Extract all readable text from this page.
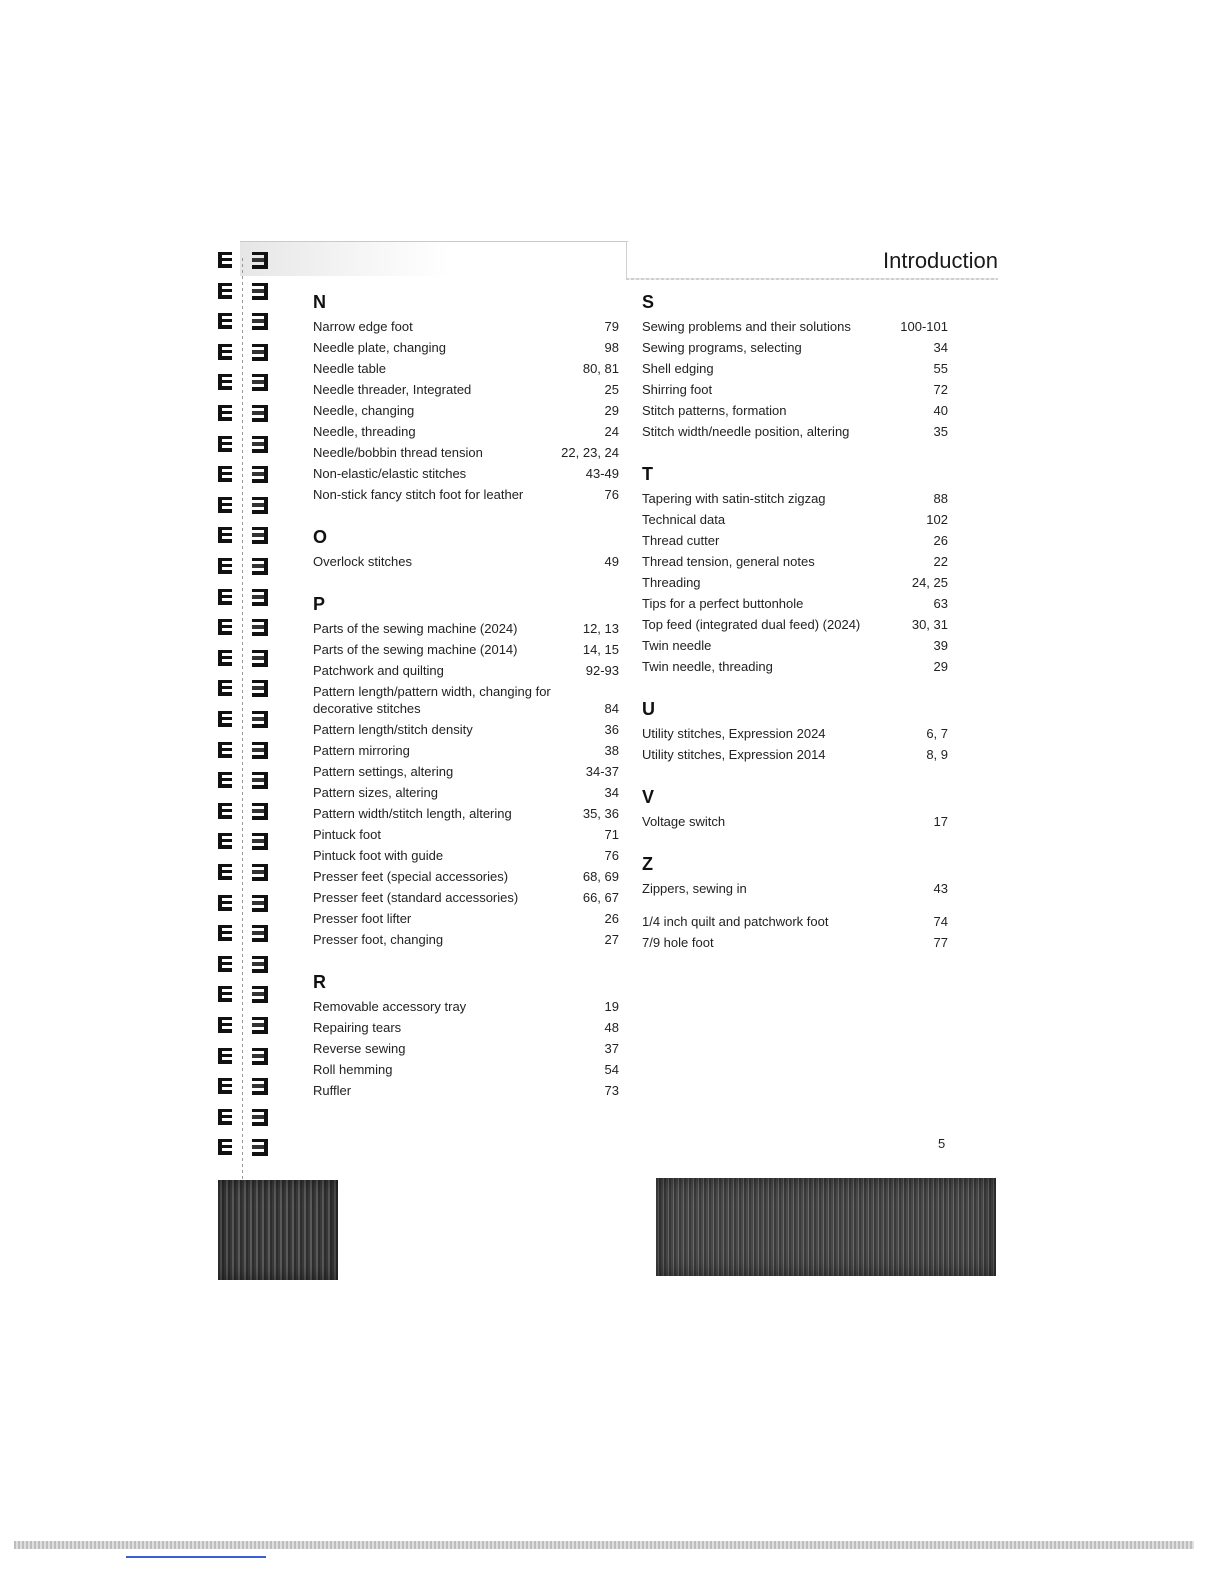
Introduction
N
Narrow edge foot	79
Needle plate, changing	98
Needle table	80, 81
Needle threader, Integrated	25
Needle, changing	29
Needle, threading	24
Needle/bobbin thread tension	22, 23, 24
Non-elastic/elastic stitches	43-49
Non-stick fancy stitch foot for leather	76
O
Overlock stitches	49
P
Parts of the sewing machine (2024)	12, 13
Parts of the sewing machine (2014)	14, 15
Patchwork and quilting	92-93
Pattern length/pattern width, changing for decorative stitches	84
Pattern length/stitch density	36
Pattern mirroring	38
Pattern settings, altering	34-37
Pattern sizes, altering	34
Pattern width/stitch length, altering	35, 36
Pintuck foot	71
Pintuck foot with guide	76
Presser feet (special accessories)	68, 69
Presser feet (standard accessories)	66, 67
Presser foot lifter	26
Presser foot, changing	27
R
Removable accessory tray	19
Repairing tears	48
Reverse sewing	37
Roll hemming	54
Ruffler	73
S
Sewing problems and their solutions	100-101
Sewing programs, selecting	34
Shell edging	55
Shirring foot	72
Stitch patterns, formation	40
Stitch width/needle position, altering	35
T
Tapering with satin-stitch zigzag	88
Technical data	102
Thread cutter	26
Thread tension, general notes	22
Threading	24, 25
Tips for a perfect buttonhole	63
Top feed (integrated dual feed) (2024)	30, 31
Twin needle	39
Twin needle, threading	29
U
Utility stitches, Expression 2024	6, 7
Utility stitches, Expression 2014	8, 9
V
Voltage switch	17
Z
Zippers, sewing in	43
1/4 inch quilt and patchwork foot	74
7/9 hole foot	77
5
